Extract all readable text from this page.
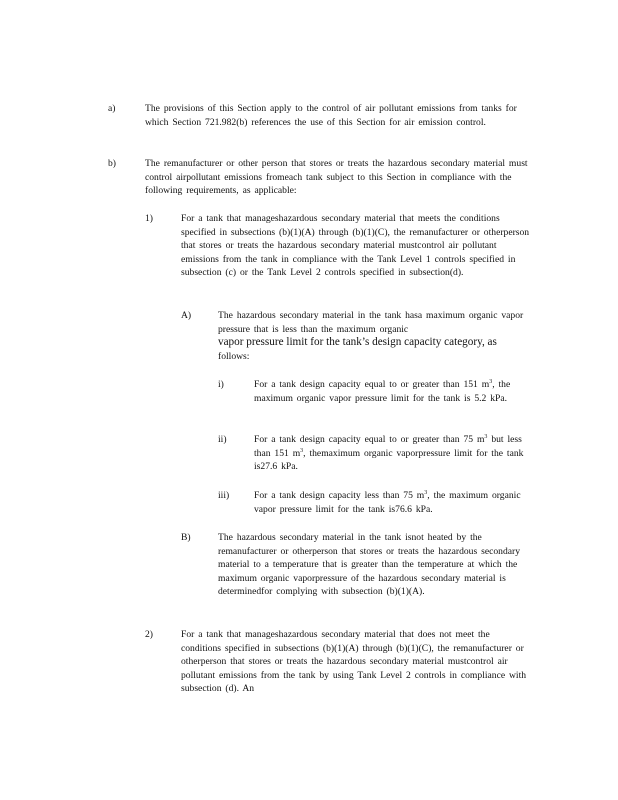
a)	The provisions of this Section apply to the control of air pollutant emissions from tanks for which Section 721.982(b) references the use of this Section for air emission control.
b)	The remanufacturer or other person that stores or treats the hazardous secondary material must control airpollutant emissions fromeach tank subject to this Section in compliance with the following requirements, as applicable:
1)	For a tank that manageshazardous secondary material that meets the conditions specified in subsections (b)(1)(A) through (b)(1)(C), the remanufacturer or otherperson that stores or treats the hazardous secondary material mustcontrol air pollutant emissions from the tank in compliance with the Tank Level 1 controls specified in subsection (c) or the Tank Level 2 controls specified in subsection(d).
A)	The hazardous secondary material in the tank hasa maximum organic vapor pressure that is less than the maximum organic
vapor pressure limit for the tank’s design capacity category, as
follows:
i)	For a tank design capacity equal to or greater than 151 $m^3$, the maximum organic vapor pressure limit for the tank is 5.2 kPa.
ii)	For a tank design capacity equal to or greater than 75 $m^3$ but less than 151 $m^3$, themaximum organic vaporpressure limit for the tank is27.6 kPa.
iii)	For a tank design capacity less than 75 $m^3$, the maximum organic vapor pressure limit for the tank is76.6 kPa.
B)	The hazardous secondary material in the tank isnot heated by the remanufacturer or otherperson that stores or treats the hazardous secondary material to a temperature that is greater than the temperature at which the maximum organic vaporpressure of the hazardous secondary material is determinedfor complying with subsection (b)(1)(A).
2)	For a tank that manageshazardous secondary material that does not meet the conditions specified in subsections (b)(1)(A) through (b)(1)(C), the remanufacturer or otherperson that stores or treats the hazardous secondary material mustcontrol air pollutant emissions from the tank by using Tank Level 2 controls in compliance with subsection (d). An
